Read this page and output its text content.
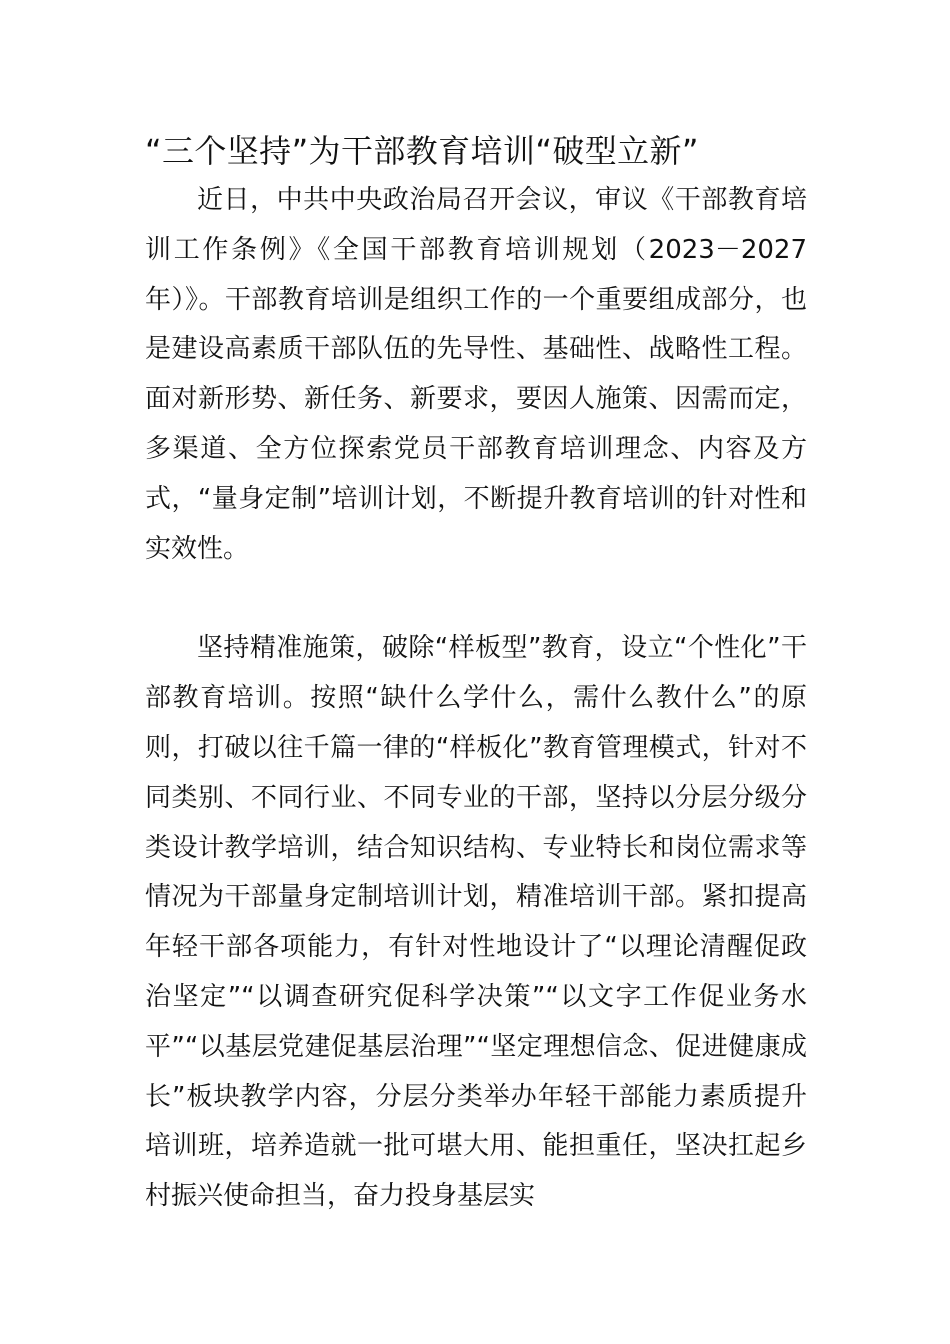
“三个坚持”为干部教育培训“破型立新”

近日，中共中央政治局召开会议，审议《干部教育培训工作条例》《全国干部教育培训规划（2023－2027年）》。干部教育培训是组织工作的一个重要组成部分，也是建设高素质干部队伍的先导性、基础性、战略性工程。面对新形势、新任务、新要求，要因人施策、因需而定，多渠道、全方位探索党员干部教育培训理念、内容及方式，“量身定制”培训计划，不断提升教育培训的针对性和实效性。

坚持精准施策，破除“样板型”教育，设立“个性化”干部教育培训。按照“缺什么学什么，需什么教什么”的原则，打破以往千篇一律的“样板化”教育管理模式，针对不同类别、不同行业、不同专业的干部，坚持以分层分级分类设计教学培训，结合知识结构、专业特长和岗位需求等情况为干部量身定制培训计划，精准培训干部。紧扣提高年轻干部各项能力，有针对性地设计了“以理论清醒促政治坚定”“以调查研究促科学决策”“以文字工作促业务水平”“以基层党建促基层治理”“坚定理想信念、促进健康成长”板块教学内容，分层分类举办年轻干部能力素质提升培训班，培养造就一批可堪大用、能担重任，坚决扛起乡村振兴使命担当，奋力投身基层实
